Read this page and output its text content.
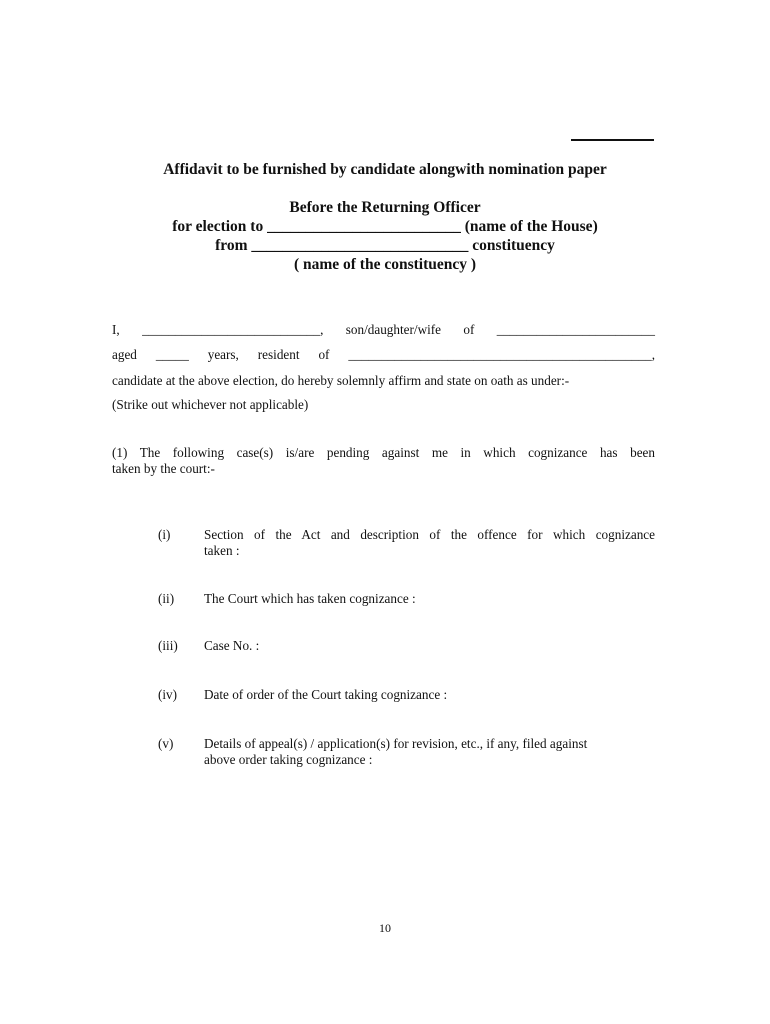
Affidavit to be furnished by candidate alongwith nomination paper
Before the Returning Officer
for election to _________________________ (name of the House)
from ____________________________ constituency
( name of the constituency )
I, ___________________________, son/daughter/wife of ________________________
aged _____ years, resident of ______________________________________________,
candidate at the above election, do hereby solemnly affirm and state on oath as under:-
(Strike out whichever not applicable)
(1) The following case(s) is/are pending against me in which cognizance has been
taken by the court:-
(i)	Section of the Act and description of the offence for which cognizance
taken :
(ii) The Court which has taken cognizance :
(iii) Case No. :
(iv) Date of order of the Court taking cognizance :
(v) Details of appeal(s) / application(s) for revision, etc., if any, filed against
above order taking cognizance :
10
